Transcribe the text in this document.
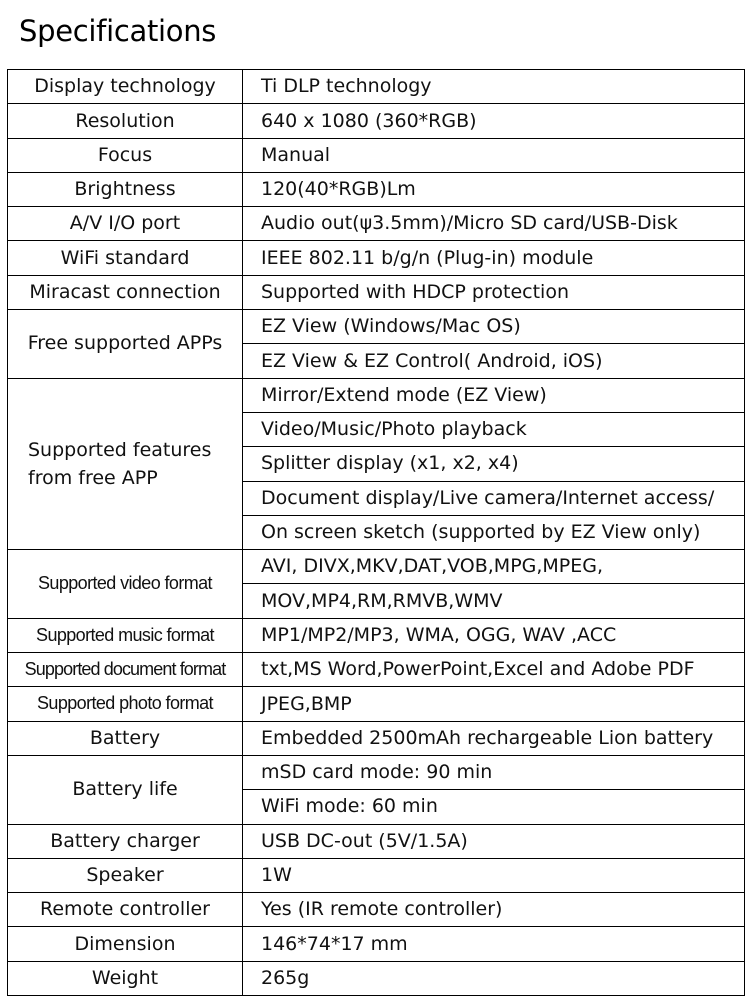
Specifications
Display technology	Ti DLP technology
Resolution	640 x 1080 (360*RGB)
Focus	Manual
Brightness	120(40*RGB)Lm
A/V I/O port	Audio out(ψ3.5mm)/Micro SD card/USB-Disk
WiFi standard	IEEE 802.11 b/g/n (Plug-in) module
Miracast connection	Supported with HDCP protection
Free supported APPs	EZ View (Windows/Mac OS)
	EZ View & EZ Control( Android, iOS)
Supported features from free APP	Mirror/Extend mode (EZ View)
	Video/Music/Photo playback
	Splitter display (x1, x2, x4)
	Document display/Live camera/Internet access/
	On screen sketch (supported by EZ View only)
Supported video format	AVI, DIVX,MKV,DAT,VOB,MPG,MPEG,
	MOV,MP4,RM,RMVB,WMV
Supported music format	MP1/MP2/MP3, WMA, OGG, WAV ,ACC
Supported document format	txt,MS Word,PowerPoint,Excel and Adobe PDF
Supported photo format	JPEG,BMP
Battery	Embedded 2500mAh rechargeable Lion battery
Battery life	mSD card mode: 90 min
	WiFi mode: 60 min
Battery charger	USB DC-out (5V/1.5A)
Speaker	1W
Remote controller	Yes (IR remote controller)
Dimension	146*74*17 mm
Weight	265g
